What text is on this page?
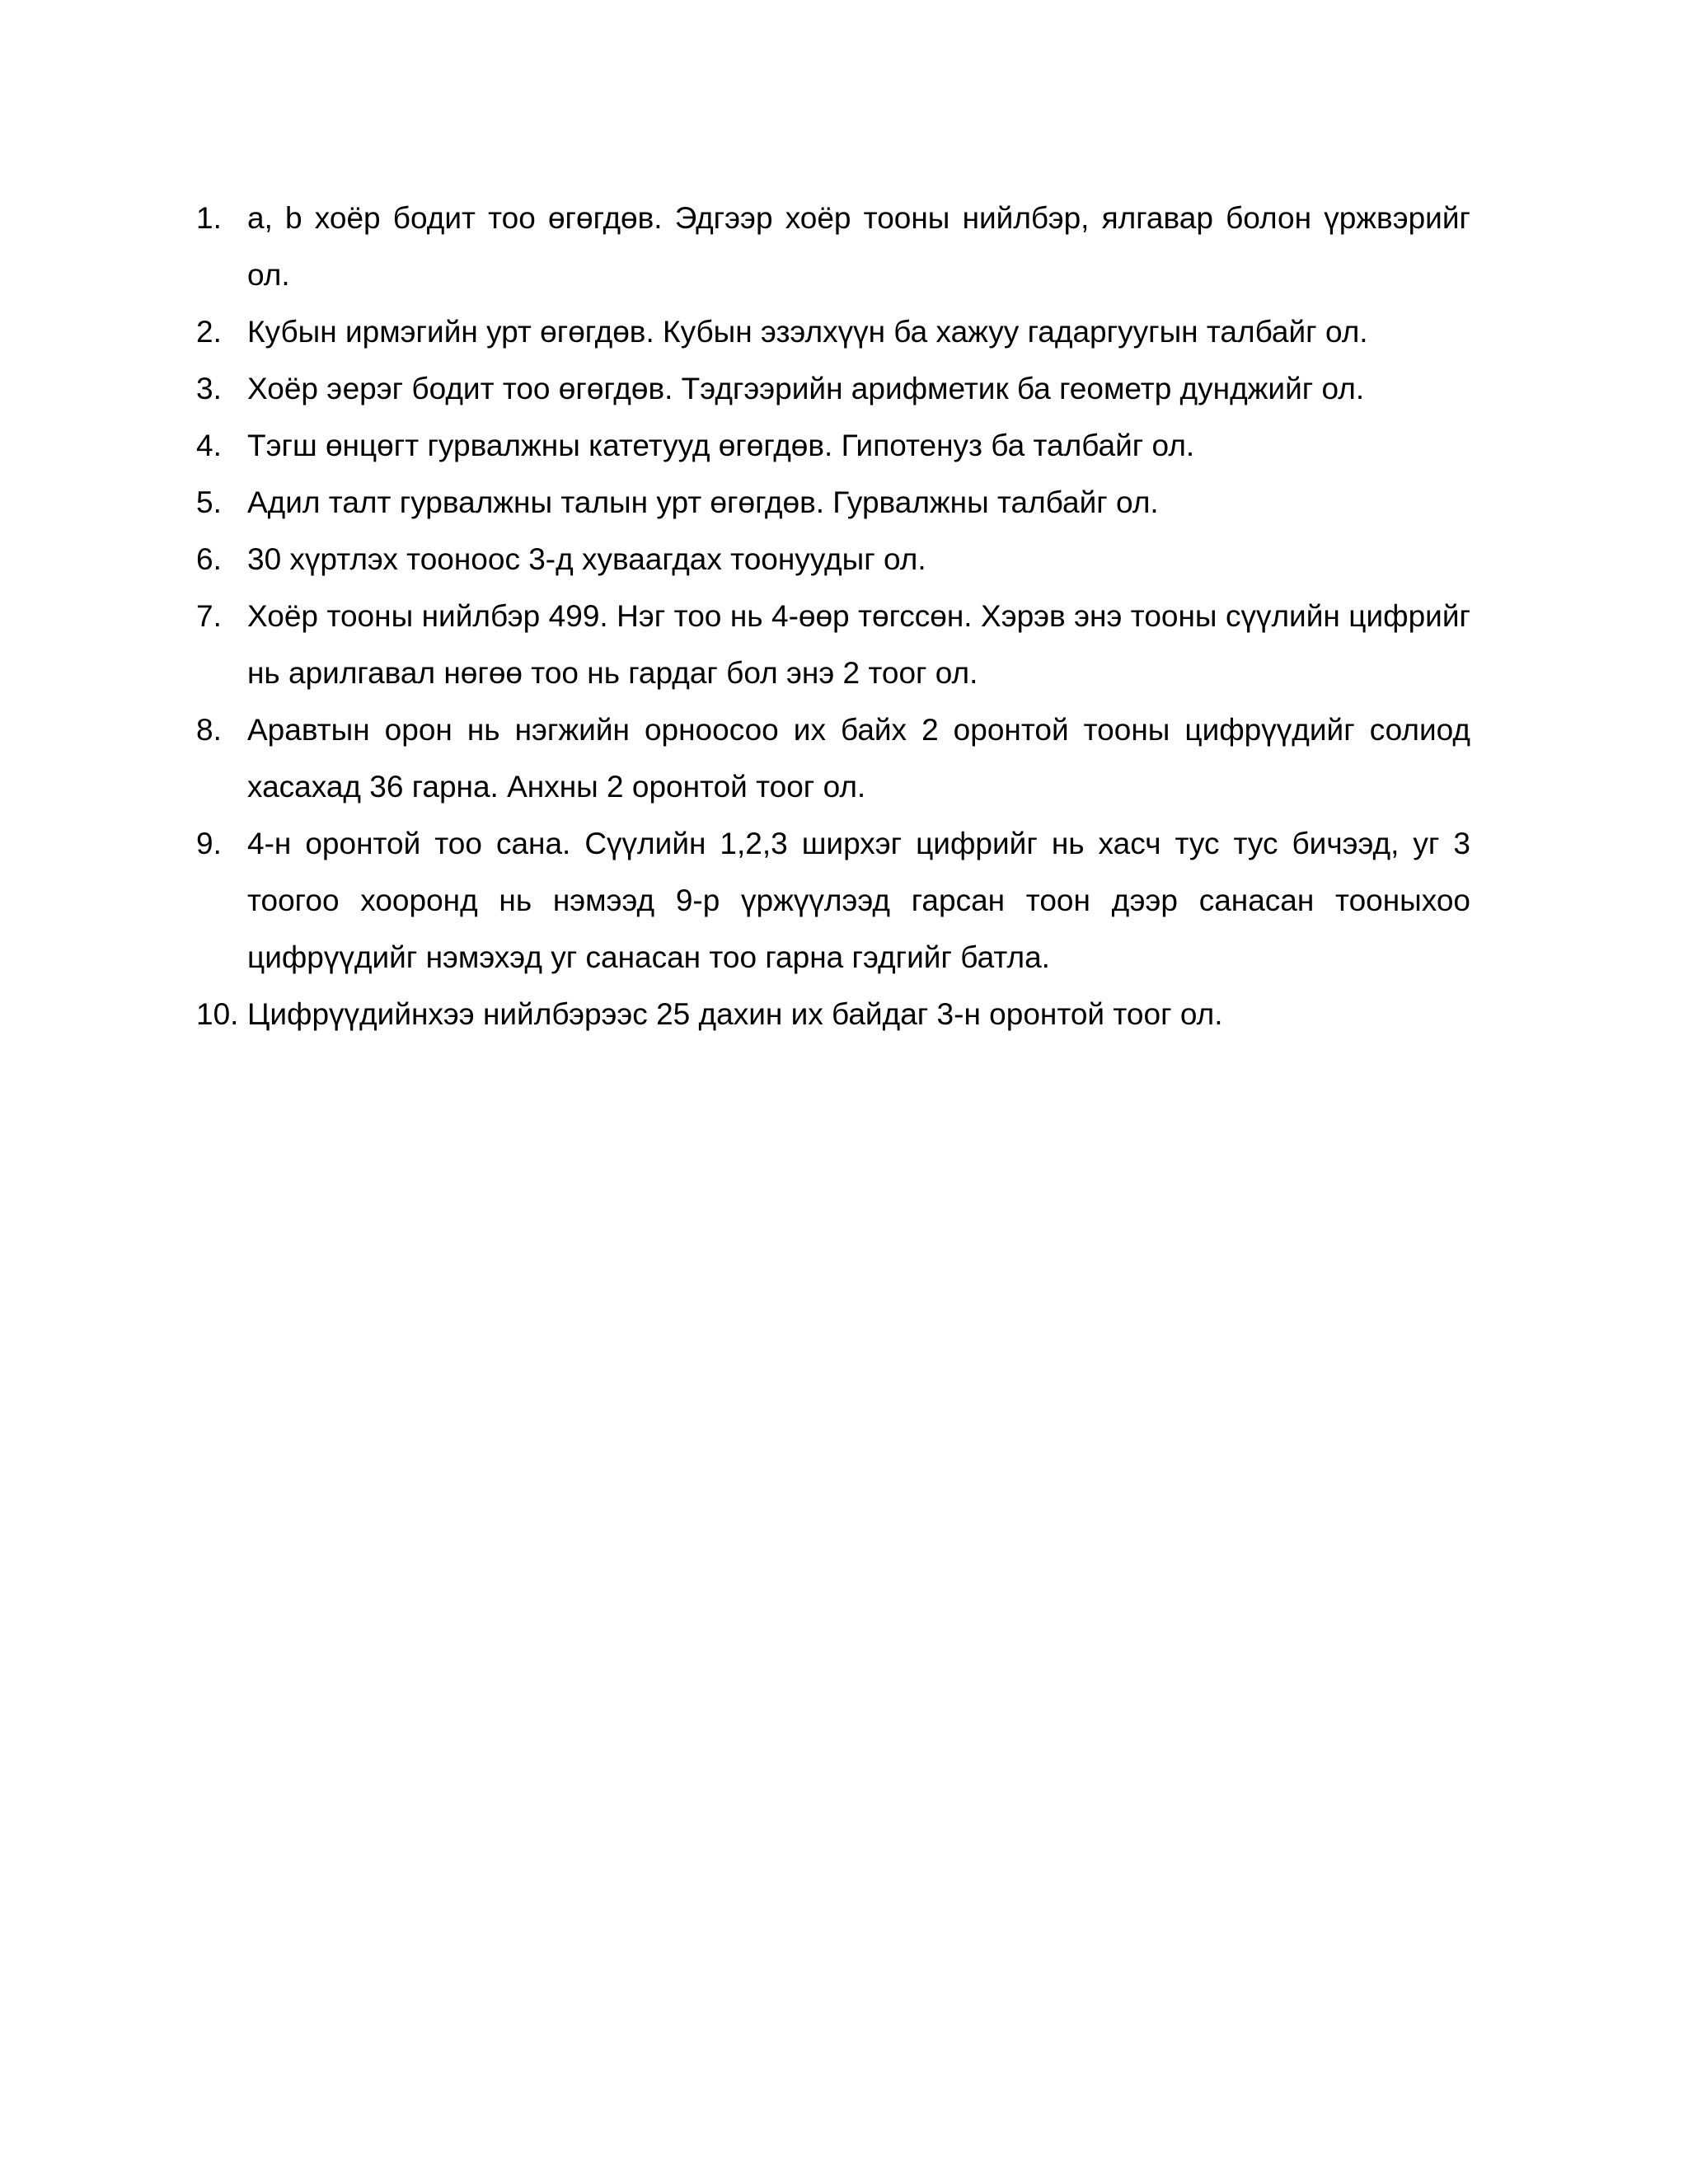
1. a, b хоёр бодит тоо өгөгдөв. Эдгээр хоёр тооны нийлбэр, ялгавар болон үржвэрийг ол.
2. Кубын ирмэгийн урт өгөгдөв. Кубын эзэлхүүн ба хажуу гадаргуугын талбайг ол.
3. Хоёр эерэг бодит тоо өгөгдөв. Тэдгээрийн арифметик ба геометр дунджийг ол.
4. Тэгш өнцөгт гурвалжны катетууд өгөгдөв. Гипотенуз ба талбайг ол.
5. Адил талт гурвалжны талын урт өгөгдөв. Гурвалжны талбайг ол.
6. 30 хүртлэх тооноос 3-д хуваагдах тоонуудыг ол.
7. Хоёр тооны нийлбэр 499. Нэг тоо нь 4-өөр төгссөн. Хэрэв энэ тооны сүүлийн цифрийг нь арилгавал нөгөө тоо нь гардаг бол энэ 2 тоог ол.
8. Аравтын орон нь нэгжийн орноосоо их байх 2 оронтой тооны цифрүүдийг солиод хасахад 36 гарна. Анхны 2 оронтой тоог ол.
9. 4-н оронтой тоо сана. Сүүлийн 1,2,3 ширхэг цифрийг нь хасч тус тус бичээд, уг 3 тоогоо хооронд нь нэмээд 9-р үржүүлээд гарсан тоон дээр санасан тооныхоо цифрүүдийг нэмэхэд уг санасан тоо гарна гэдгийг батла.
10. Цифрүүдийнхээ нийлбэрээс 25 дахин их байдаг 3-н оронтой тоог ол.
